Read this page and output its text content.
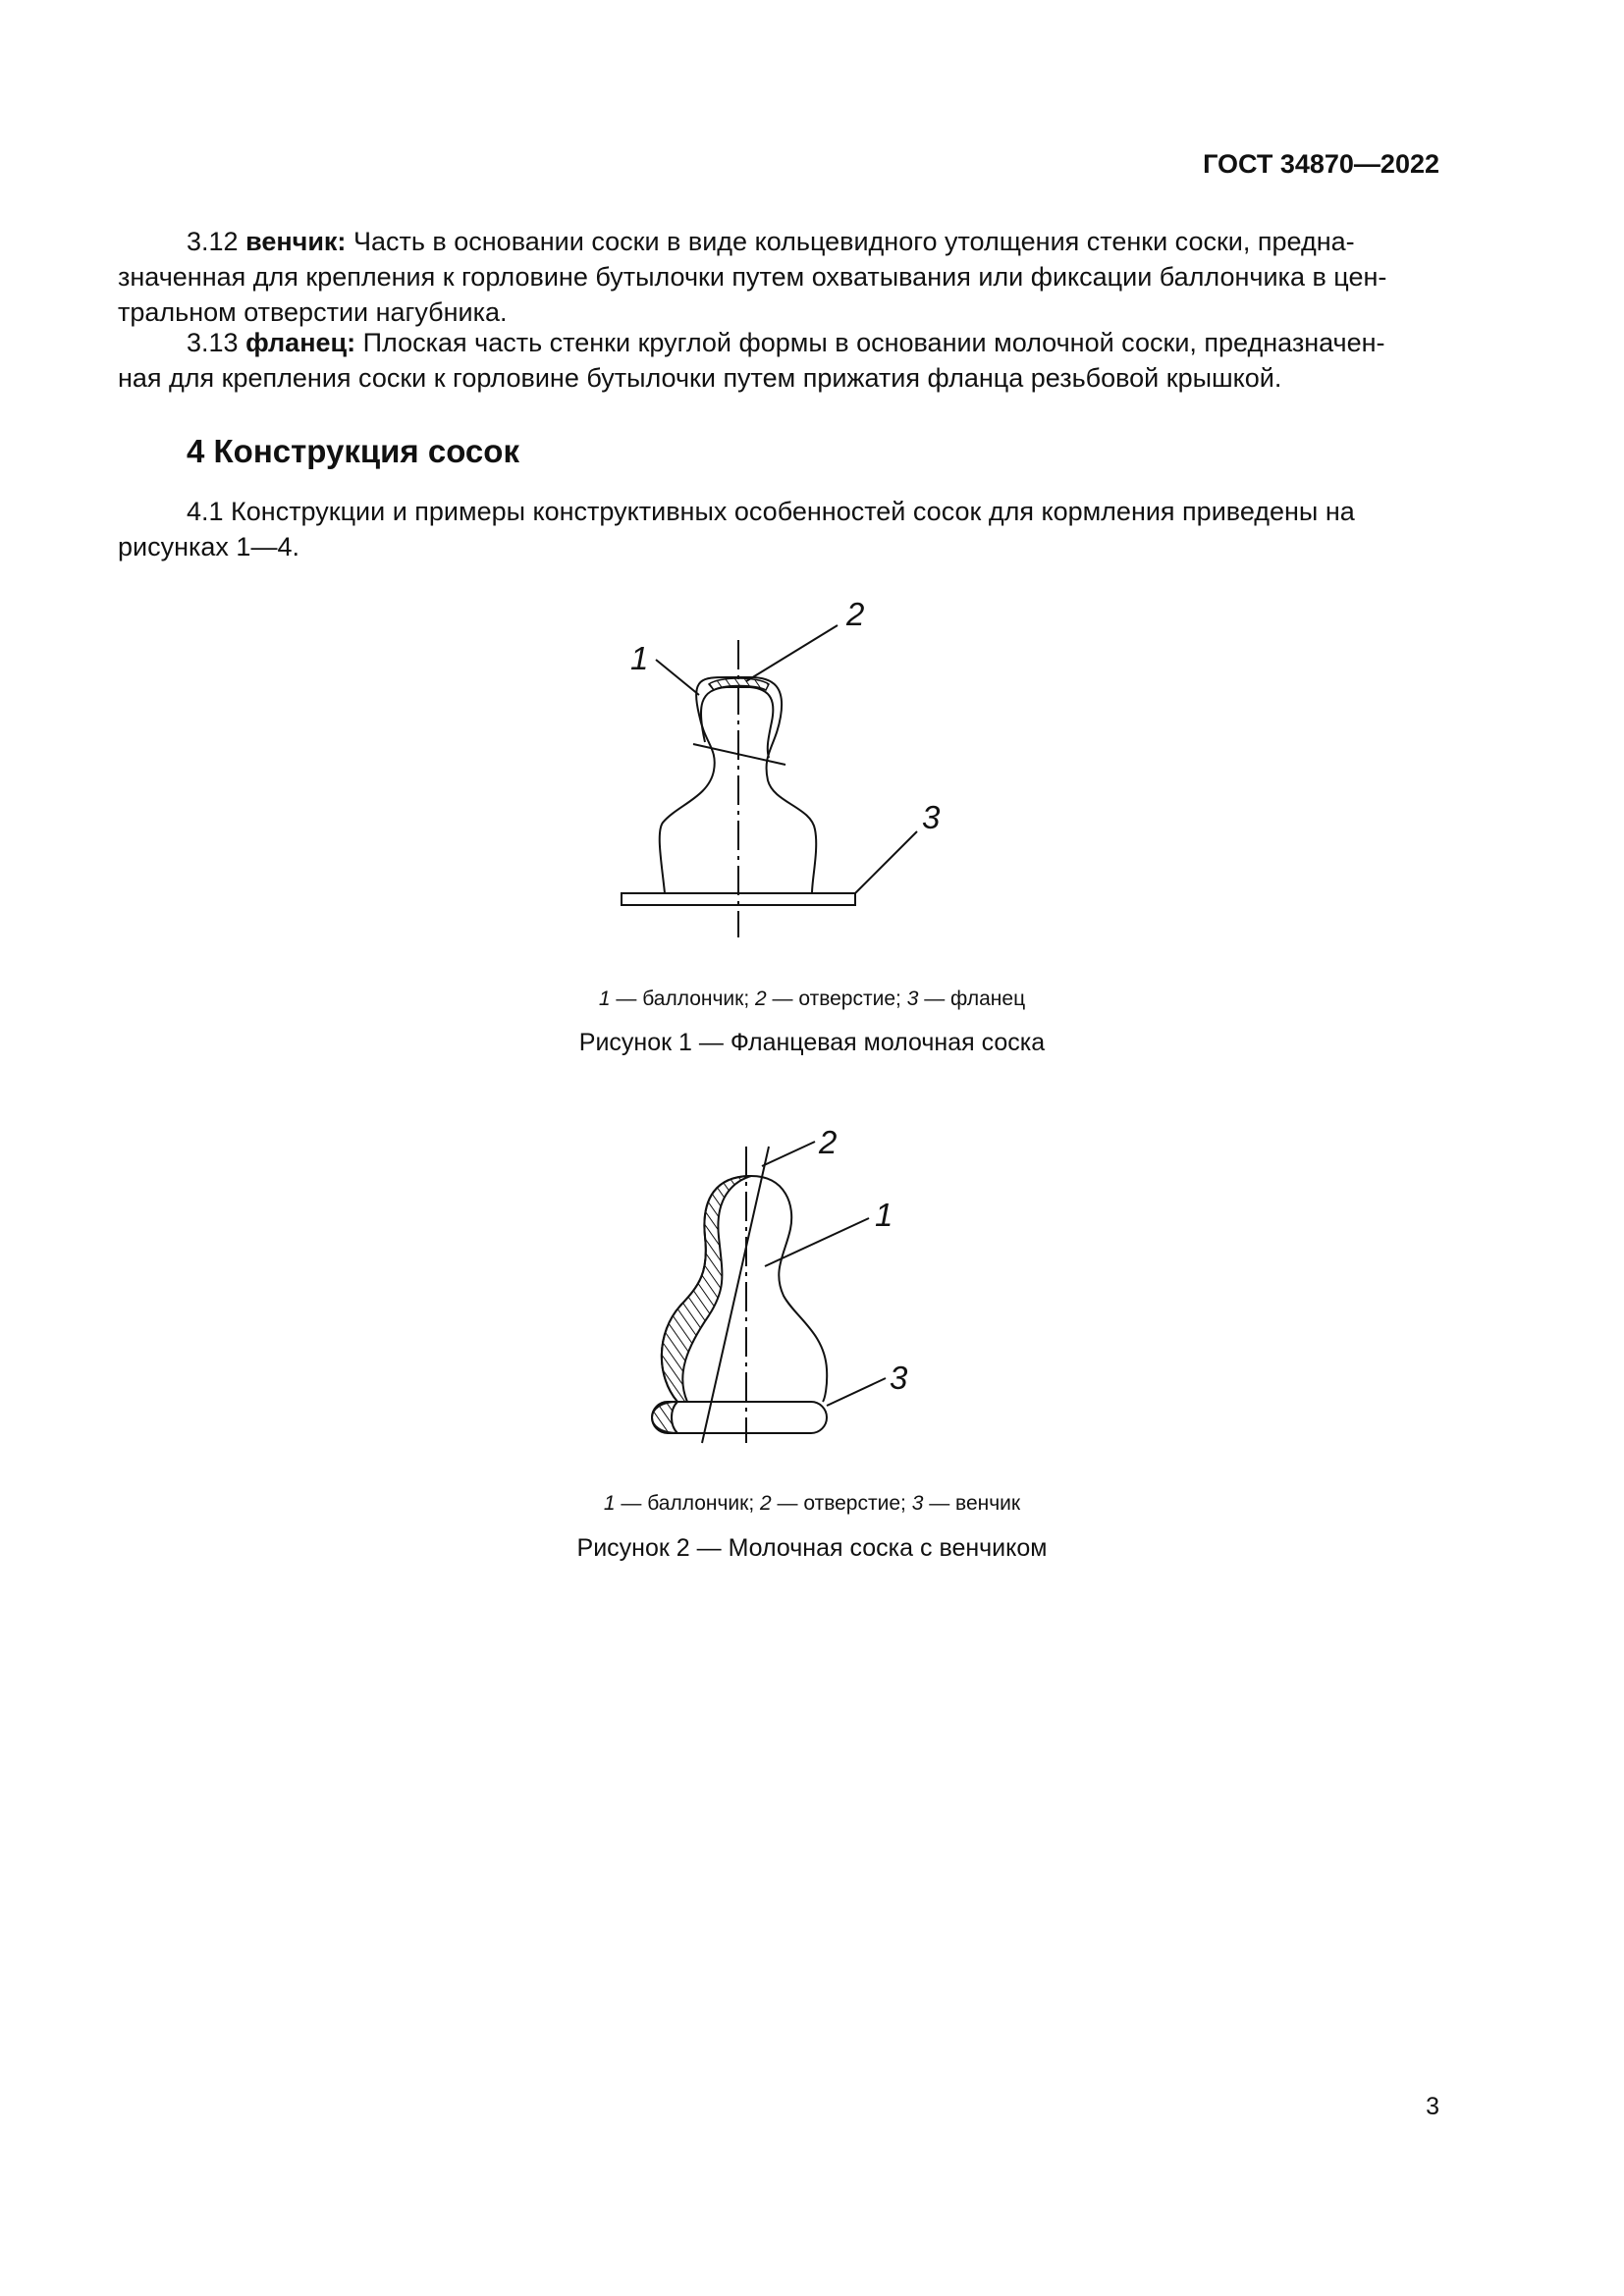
ГОСТ 34870—2022
3.12 венчик: Часть в основании соски в виде кольцевидного утолщения стенки соски, предна-
значенная для крепления к горловине бутылочки путем охватывания или фиксации баллончика в цен-
тральном отверстии нагубника.
3.13 фланец: Плоская часть стенки круглой формы в основании молочной соски, предназначен-
ная для крепления соски к горловине бутылочки путем прижатия фланца резьбовой крышкой.
4 Конструкция сосок
4.1 Конструкции и примеры конструктивных особенностей сосок для кормления приведены на
рисунках 1—4.
1
2
3
2
1
3
1 — баллончик; 2 — отверстие; 3 — фланец
Рисунок 1 — Фланцевая молочная соска
1 — баллончик; 2 — отверстие; 3 — венчик
Рисунок 2 — Молочная соска с венчиком
3
